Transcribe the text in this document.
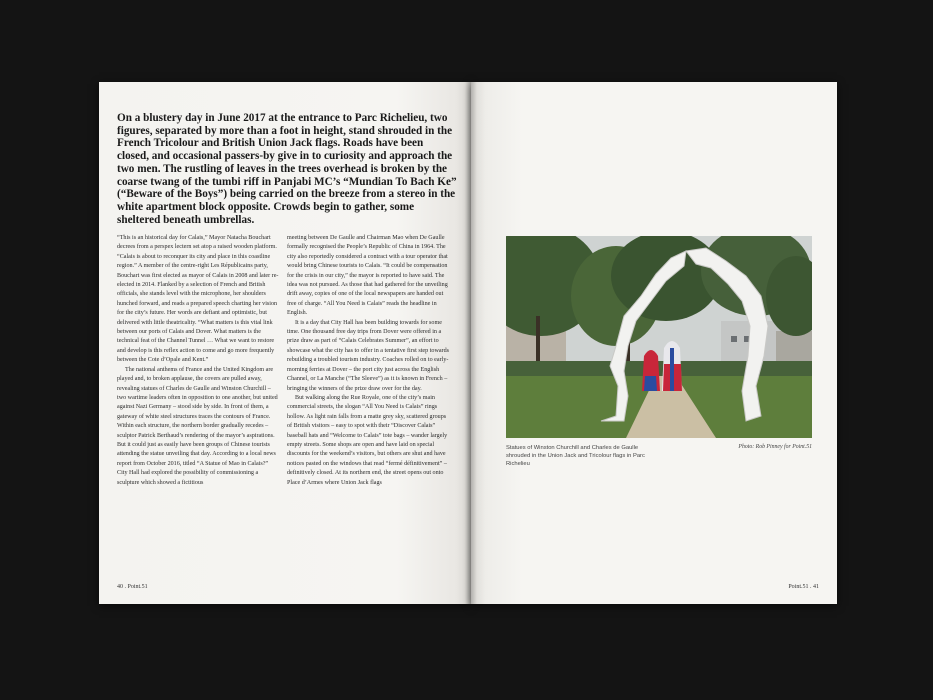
On a blustery day in June 2017 at the entrance to Parc Richelieu, two figures, separated by more than a foot in height, stand shrouded in the French Tricolour and British Union Jack flags. Roads have been closed, and occasional passers-by give in to curiosity and approach the two men. The rustling of leaves in the trees overhead is broken by the coarse twang of the tumbi riff in Panjabi MC’s “Mundian To Bach Ke” (“Beware of the Boys”) being carried on the breeze from a stereo in the white apartment block opposite. Crowds begin to gather, some sheltered beneath umbrellas.

“This is an historical day for Calais,” Mayor Natacha Bouchart decrees from a perspex lectern set atop a raised wooden platform. “Calais is about to reconquer its city and place in this coastline region.” A member of the centre-right Les Républicains party, Bouchart was first elected as mayor of Calais in 2008 and later re-elected in 2014. Flanked by a selection of French and British officials, she stands level with the microphone, her shoulders hunched forward, and reads a prepared speech charting her vision for the city’s future. Her words are defiant and optimistic, but delivered with little theatricality. “What matters is this vital link between our ports of Calais and Dover. What matters is the technical feat of the Channel Tunnel … What we want to restore and develop is this reflex action to come and go more frequently between the Cote d’Opale and Kent.”

The national anthems of France and the United Kingdom are played and, to broken applause, the covers are pulled away, revealing statues of Charles de Gaulle and Winston Churchill – two wartime leaders often in opposition to one another, but united against Nazi Germany – stood side by side. In front of them, a gateway of white steel structures traces the contours of France. Within each structure, the northern border gradually recedes – sculptor Patrick Berthaud’s rendering of the mayor’s aspirations. But it could just as easily have been groups of Chinese tourists attending the statue unveiling that day. According to a local news report from October 2016, titled “A Statue of Mao in Calais?” City Hall had explored the possibility of commissioning a sculpture which showed a fictitious

meeting between De Gaulle and Chairman Mao when De Gaulle formally recognised the People’s Republic of China in 1964. The city also reportedly considered a contract with a tour operator that would bring Chinese tourists to Calais. “It could be compensation for the crisis in our city,” the mayor is reported to have said. The idea was not pursued. As those that had gathered for the unveiling drift away, copies of one of the local newspapers are handed out free of charge. “All You Need is Calais” reads the headline in English.

It is a day that City Hall has been building towards for some time. One thousand free day trips from Dover were offered in a prize draw as part of “Calais Celebrates Summer”, an effort to showcase what the city has to offer in a tentative first step towards rebuilding a troubled tourism industry. Coaches rolled on to early-morning ferries at Dover – the port city just across the English Channel, or La Manche (“The Sleeve”) as it is known in French – bringing the winners of the prize draw over for the day.

But walking along the Rue Royale, one of the city’s main commercial streets, the slogan “All You Need is Calais” rings hollow. As light rain falls from a matte grey sky, scattered groups of British visitors – easy to spot with their “Discover Calais” baseball hats and “Welcome to Calais” tote bags – wander largely empty streets. Some shops are open and have laid on special discounts for the weekend’s visitors, but others are shut and have notices pasted on the windows that read “fermé définitivement” – definitively closed. At its northern end, the street opens out onto Place d’Armes where Union Jack flags

40 . Point.51
Statues of Winston Churchill and Charles de Gaulle shrouded in the Union Jack and Tricolour flags in Parc Richelieu
Photo: Rob Pinney for Point.51
Point.51 . 41
